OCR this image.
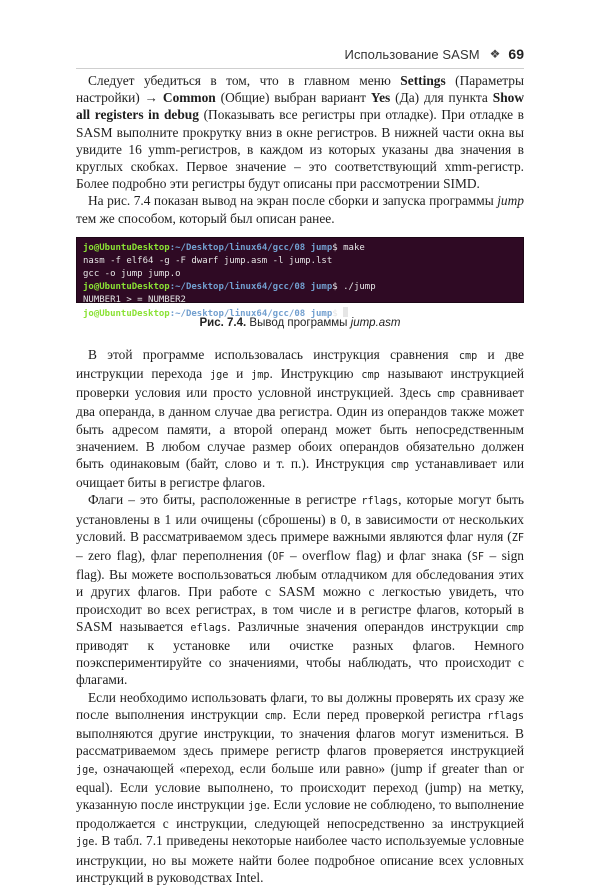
Использование SASM ❖ 69

Следует убедиться в том, что в главном меню Settings (Параметры настройки) → Common (Общие) выбран вариант Yes (Да) для пункта Show all registers in debug (Показывать все регистры при отладке). При отладке в SASM выполните прокрутку вниз в окне регистров. В нижней части окна вы увидите 16 ymm-регистров, в каждом из которых указаны два значения в круглых скобках. Первое значение – это соответствующий xmm-регистр. Более подробно эти регистры будут описаны при рассмотрении SIMD.

На рис. 7.4 показан вывод на экран после сборки и запуска программы jump тем же способом, который был описан ранее.

jo@UbuntuDesktop:~/Desktop/linux64/gcc/08 jump$ make
nasm -f elf64 -g -F dwarf jump.asm -l jump.lst
gcc -o jump jump.o
jo@UbuntuDesktop:~/Desktop/linux64/gcc/08 jump$ ./jump
NUMBER1 > = NUMBER2
jo@UbuntuDesktop:~/Desktop/linux64/gcc/08 jump$
Рис. 7.4. Вывод программы jump.asm

В этой программе использовалась инструкция сравнения cmp и две инструкции перехода jge и jmp. Инструкцию cmp называют инструкцией проверки условия или просто условной инструкцией. Здесь cmp сравнивает два операнда, в данном случае два регистра. Один из операндов также может быть адресом памяти, а второй операнд может быть непосредственным значением. В любом случае размер обоих операндов обязательно должен быть одинаковым (байт, слово и т. п.). Инструкция cmp устанавливает или очищает биты в регистре флагов.

Флаги – это биты, расположенные в регистре rflags, которые могут быть установлены в 1 или очищены (сброшены) в 0, в зависимости от нескольких условий. В рассматриваемом здесь примере важными являются флаг нуля (ZF – zero flag), флаг переполнения (OF – overflow flag) и флаг знака (SF – sign flag). Вы можете воспользоваться любым отладчиком для обследования этих и других флагов. При работе с SASM можно с легкостью увидеть, что происходит во всех регистрах, в том числе и в регистре флагов, который в SASM называется eflags. Различные значения операндов инструкции cmp приводят к установке или очистке разных флагов. Немного поэкспериментируйте со значениями, чтобы наблюдать, что происходит с флагами.

Если необходимо использовать флаги, то вы должны проверять их сразу же после выполнения инструкции cmp. Если перед проверкой регистра rflags выполняются другие инструкции, то значения флагов могут измениться. В рассматриваемом здесь примере регистр флагов проверяется инструкцией jge, означающей «переход, если больше или равно» (jump if greater than or equal). Если условие выполнено, то происходит переход (jump) на метку, указанную после инструкции jge. Если условие не соблюдено, то выполнение продолжается с инструкции, следующей непосредственно за инструкцией jge. В табл. 7.1 приведены некоторые наиболее часто используемые условные инструкции, но вы можете найти более подробное описание всех условных инструкций в руководствах Intel.
